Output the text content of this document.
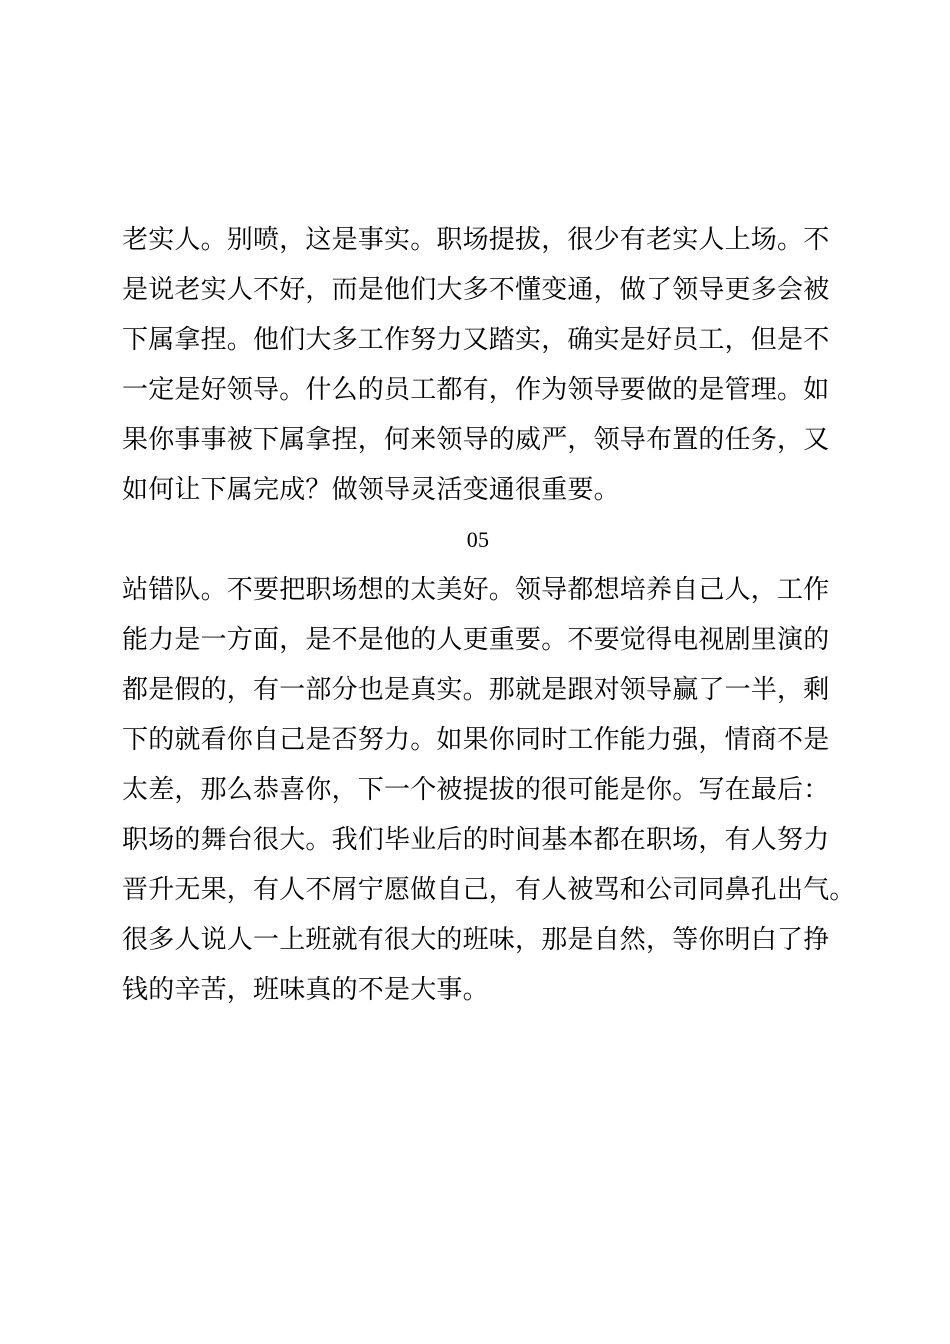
老实人。别喷，这是事实。职场提拔，很少有老实人上场。不
是说老实人不好，而是他们大多不懂变通，做了领导更多会被
下属拿捏。他们大多工作努力又踏实，确实是好员工，但是不
一定是好领导。什么的员工都有，作为领导要做的是管理。如
果你事事被下属拿捏，何来领导的威严，领导布置的任务，又
如何让下属完成？做领导灵活变通很重要。
05
站错队。不要把职场想的太美好。领导都想培养自己人，工作
能力是一方面，是不是他的人更重要。不要觉得电视剧里演的
都是假的，有一部分也是真实。那就是跟对领导赢了一半，剩
下的就看你自己是否努力。如果你同时工作能力强，情商不是
太差，那么恭喜你，下一个被提拔的很可能是你。写在最后：
职场的舞台很大。我们毕业后的时间基本都在职场，有人努力
晋升无果，有人不屑宁愿做自己，有人被骂和公司同鼻孔出气。
很多人说人一上班就有很大的班味，那是自然，等你明白了挣
钱的辛苦，班味真的不是大事。
